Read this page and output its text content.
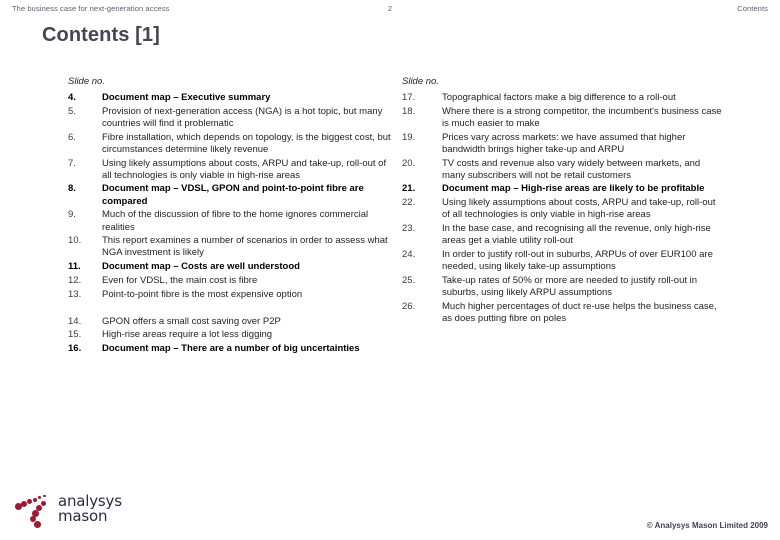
The business case for next-generation access	2	Contents
Contents [1]
Slide no.
4.	Document map – Executive summary
5.	Provision of next-generation access (NGA) is a hot topic, but many countries will find it problematic
6.	Fibre installation, which depends on topology, is the biggest cost, but circumstances determine likely revenue
7.	Using likely assumptions about costs, ARPU and take-up, roll-out of all technologies is only viable in high-rise areas
8.	Document map – VDSL, GPON and point-to-point fibre are compared
9.	Much of the discussion of fibre to the home ignores commercial realities
10.	This report examines a number of scenarios in order to assess what NGA investment is likely
11.	Document map – Costs are well understood
12.	Even for VDSL, the main cost is fibre
13.	Point-to-point fibre is the most expensive option
14.	GPON offers a small cost saving over P2P
15.	High-rise areas require a lot less digging
16.	Document map – There are a number of big uncertainties
Slide no.
17.	Topographical factors make a big difference to a roll-out
18.	Where there is a strong competitor, the incumbent's business case is much easier to make
19.	Prices vary across markets: we have assumed that higher bandwidth brings higher take-up and ARPU
20.	TV costs and revenue also vary widely between markets, and many subscribers will not be retail customers
21.	Document map – High-rise areas are likely to be profitable
22.	Using likely assumptions about costs, ARPU and take-up, roll-out of all technologies is only viable in high-rise areas
23.	In the base case, and recognising all the revenue, only high-rise areas get a viable utility roll-out
24.	In order to justify roll-out in suburbs, ARPUs of over EUR100 are needed, using likely take-up assumptions
25.	Take-up rates of 50% or more are needed to justify roll-out in suburbs, using likely ARPU assumptions
26.	Much higher percentages of duct re-use helps the business case, as does putting fibre on poles
analysys
mason
© Analysys Mason Limited 2009
